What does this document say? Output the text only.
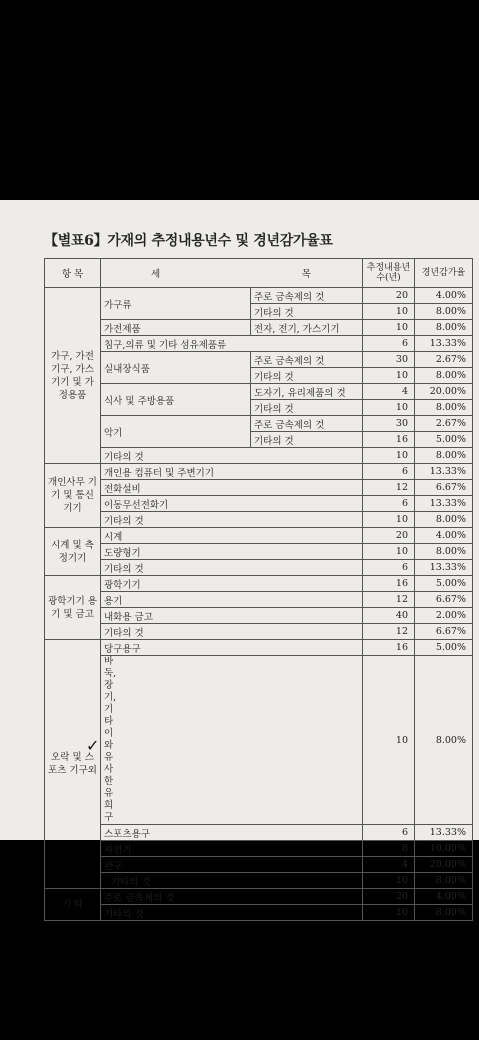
【별표6】가재의 추정내용년수 및 경년감가율표
항 목	세	목	추정내용년수(년)	경년감가율
가구, 가전기구, 가스기기 및 가정용품	가구류	주로 금속제의 것	20	4.00%
		기타의 것	10	8.00%
	가전제품	전자, 전기, 가스기기	10	8.00%
	침구,의류 및 기타 섬유제품류		6	13.33%
	실내장식품	주로 금속제의 것	30	2.67%
		기타의 것	10	8.00%
	식사 및 주방용품	도자기, 유리제품의 것	4	20.00%
		기타의 것	10	8.00%
	악기	주로 금속제의 것	30	2.67%
		기타의 것	16	5.00%
	기타의 것		10	8.00%
개인사무 기기 및 통신기기	개인용 컴퓨터 및 주변기기		6	13.33%
	전화설비		12	6.67%
	이동무선전화기		6	13.33%
	기타의 것		10	8.00%
시계 및 측정기기	시계		20	4.00%
	도량형기		10	8.00%
	기타의 것		6	13.33%
광학기기 용기 및 금고	광학기기		16	5.00%
	용기		12	6.67%
	내화용 금고		40	2.00%
	기타의 것		12	6.67%
오락 및 스포츠 기구외	당구용구		16	5.00%
	바둑, 장기, 기타 이와 유사한 유희구		10	8.00%
	스포츠용구		6	13.33%
	자전거		8	10.00%
	완구		4	20.00%
	기타의 것		10	8.00%
기 타	주로 금속제의 것		20	4.00%
	기타의 것		10	8.00%
✓
